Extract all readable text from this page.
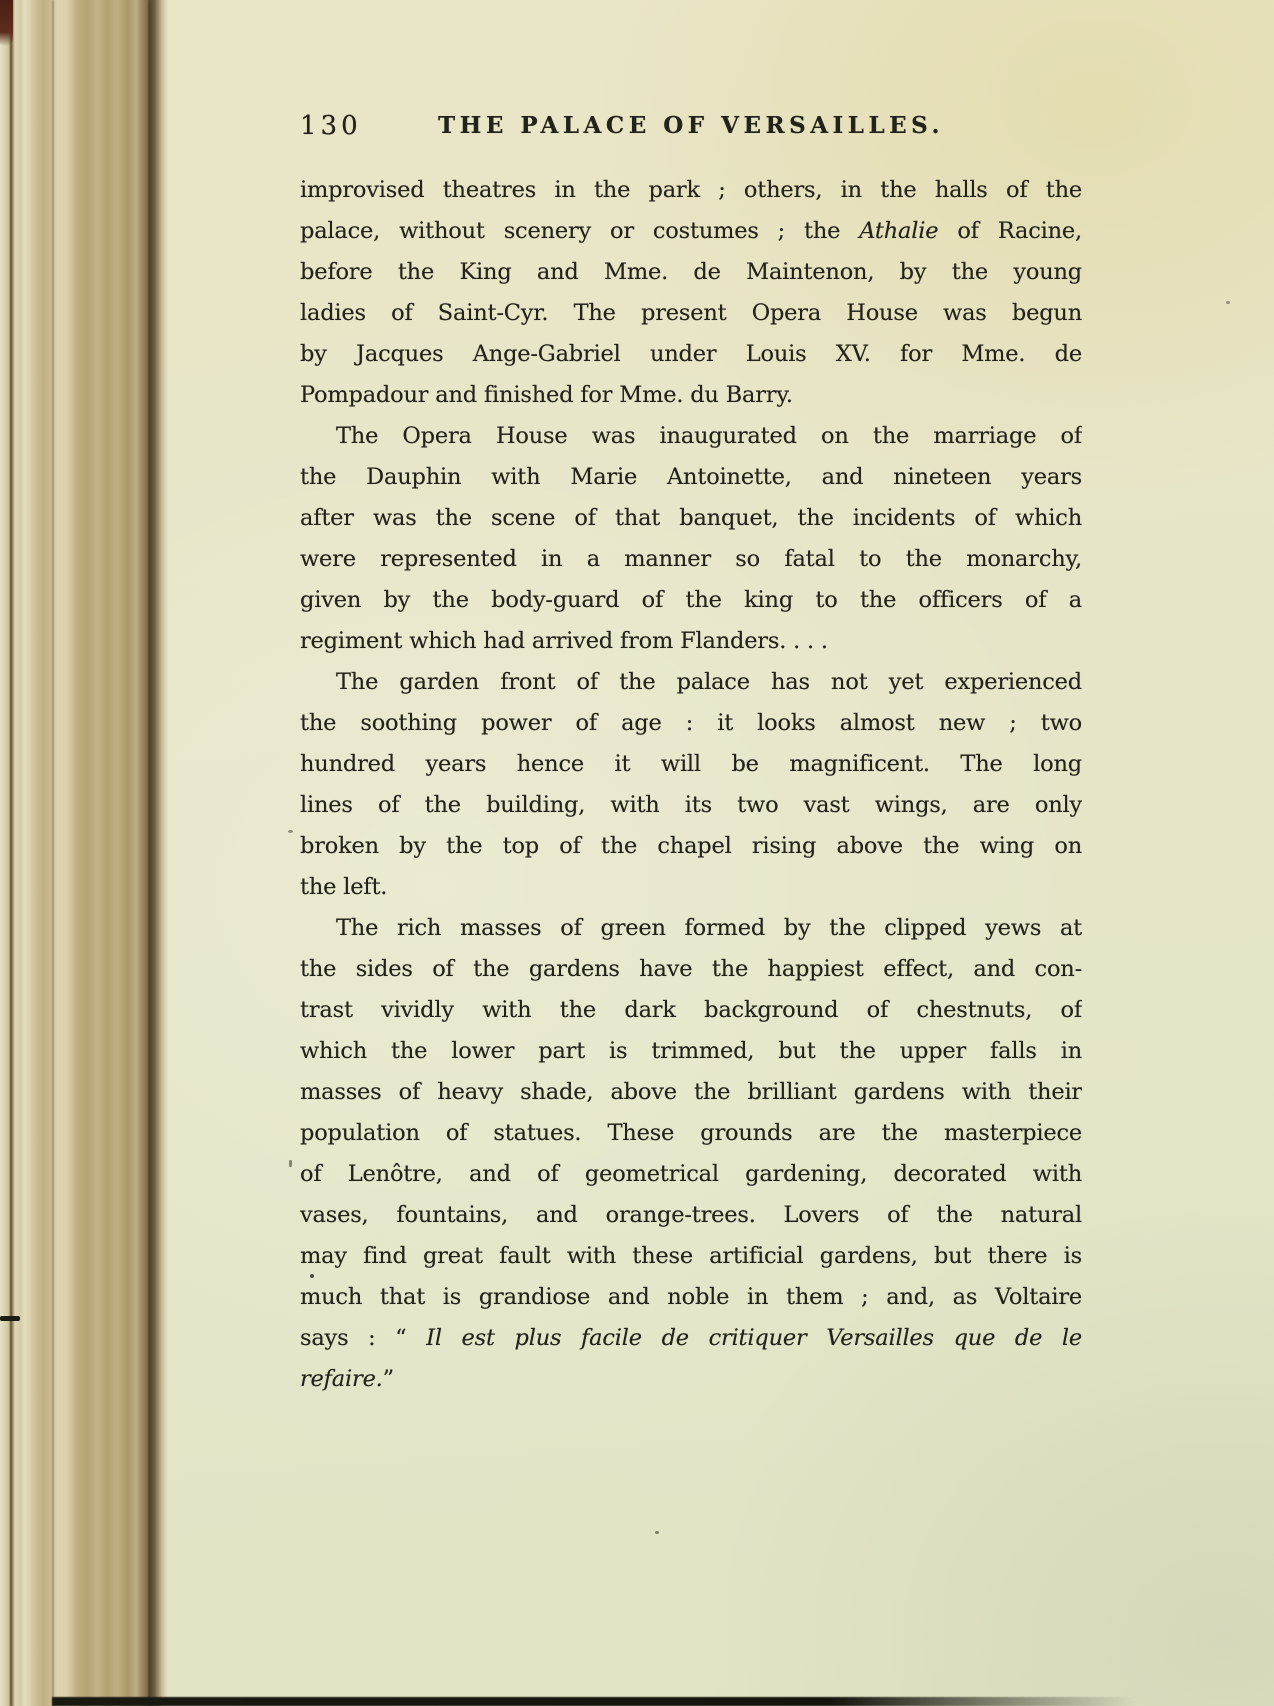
130	THE PALACE OF VERSAILLES.
improvised theatres in the park ; others, in the halls of the
palace, without scenery or costumes ; the Athalie of Racine,
before the King and Mme. de Maintenon, by the young
ladies of Saint-Cyr. The present Opera House was begun
by Jacques Ange-Gabriel under Louis XV. for Mme. de
Pompadour and finished for Mme. du Barry.
The Opera House was inaugurated on the marriage of
the Dauphin with Marie Antoinette, and nineteen years
after was the scene of that banquet, the incidents of which
were represented in a manner so fatal to the monarchy,
given by the body-guard of the king to the officers of a
regiment which had arrived from Flanders. . . .
The garden front of the palace has not yet experienced
the soothing power of age : it looks almost new ; two
hundred years hence it will be magnificent. The long
lines of the building, with its two vast wings, are only
broken by the top of the chapel rising above the wing on
the left.
The rich masses of green formed by the clipped yews at
the sides of the gardens have the happiest effect, and con-
trast vividly with the dark background of chestnuts, of
which the lower part is trimmed, but the upper falls in
masses of heavy shade, above the brilliant gardens with their
population of statues. These grounds are the masterpiece
of Lenôtre, and of geometrical gardening, decorated with
vases, fountains, and orange-trees. Lovers of the natural
may find great fault with these artificial gardens, but there is
much that is grandiose and noble in them ; and, as Voltaire
says : “ Il est plus facile de critiquer Versailles que de le
refaire.”
